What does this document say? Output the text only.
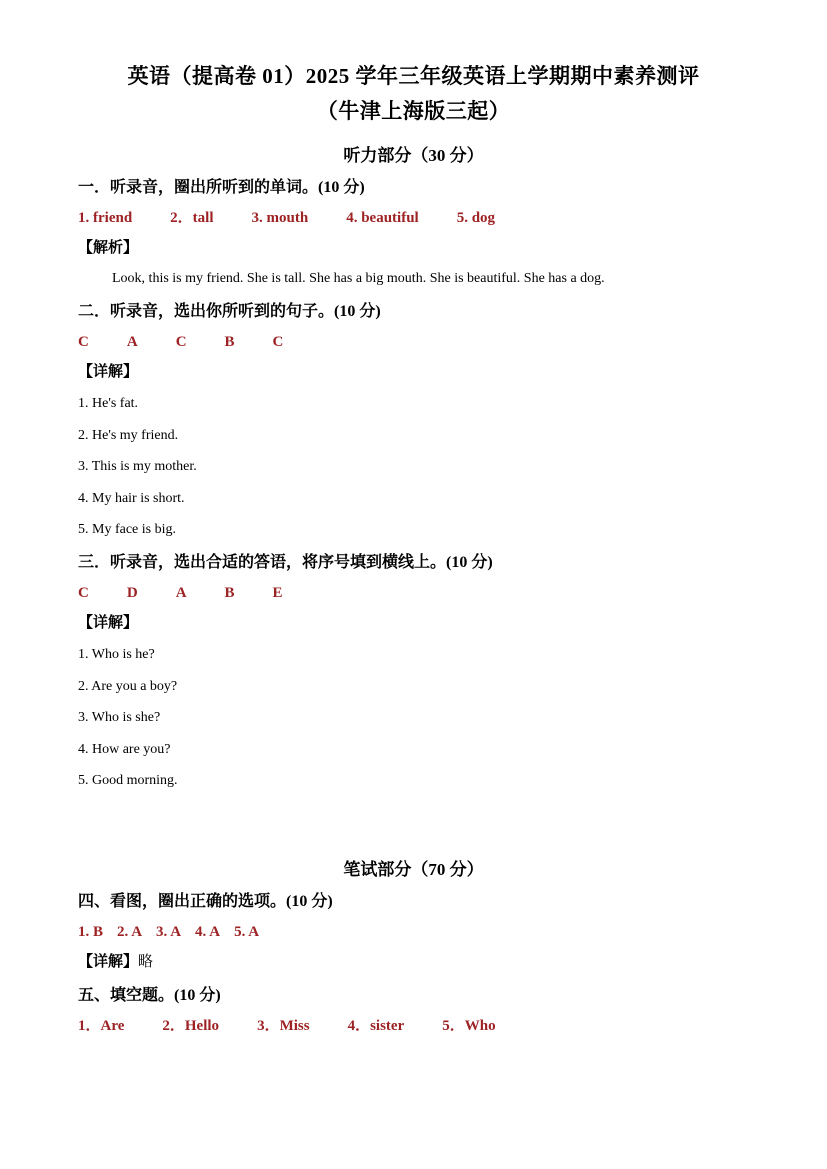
英语（提高卷 01）2025 学年三年级英语上学期期中素养测评
（牛津上海版三起）
听力部分（30 分）
一．听录音，圈出所听到的单词。(10 分)
1. friend	2．tall	3. mouth	4. beautiful	5. dog
【解析】
Look, this is my friend. She is tall. She has a big mouth. She is beautiful. She has a dog.
二．听录音，选出你所听到的句子。(10 分)
C	A	C	B	C
【详解】
1. He's fat.
2. He's my friend.
3. This is my mother.
4. My hair is short.
5. My face is big.
三．听录音，选出合适的答语，将序号填到横线上。(10 分)
C	D	A	B	E
【详解】
1. Who is he?
2. Are you a boy?
3. Who is she?
4. How are you?
5. Good morning.
笔试部分（70 分）
四、看图，圈出正确的选项。(10 分)
1. B 2. A 3. A 4. A 5. A
【详解】略
五、填空题。(10 分)
1．Are	2．Hello	3．Miss	4．sister	5．Who
